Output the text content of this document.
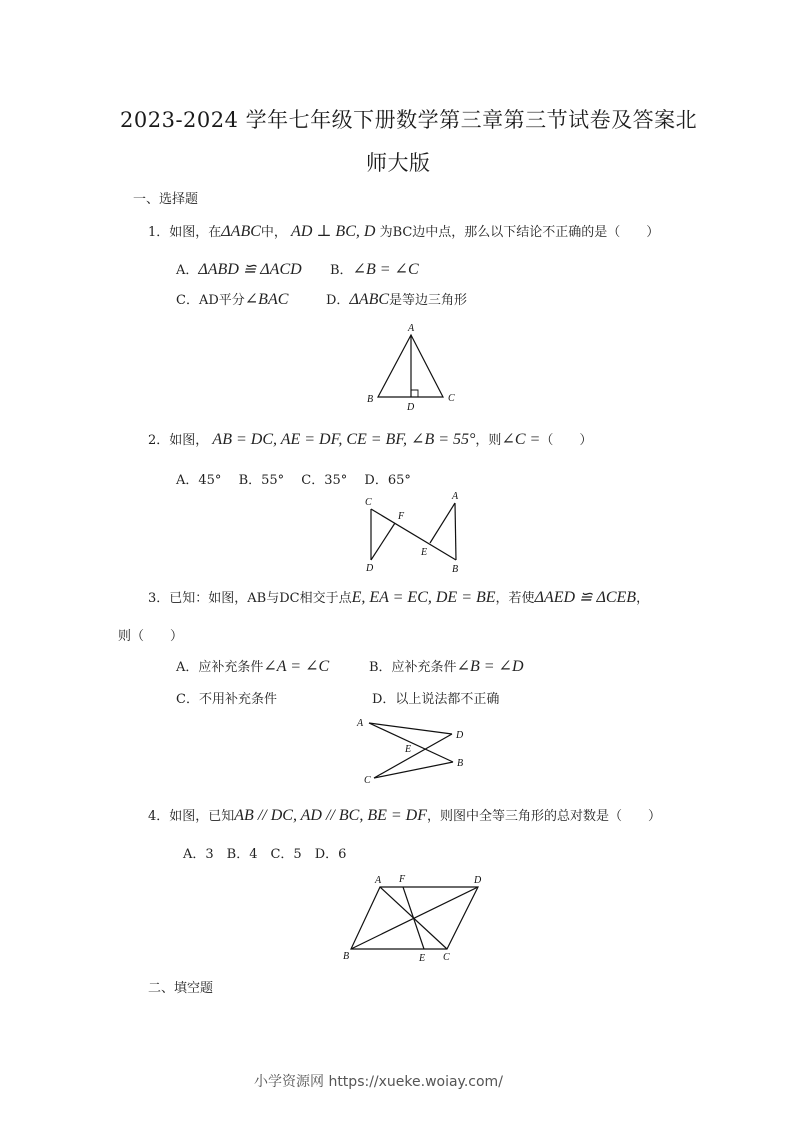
2023-2024 学年七年级下册数学第三章第三节试卷及答案北
师大版
一、选择题
1．如图，在ΔABC中， AD ⊥ BC, D 为BC边中点，那么以下结论不正确的是（　　）
A．ΔABD ≌ ΔACD B．∠B = ∠C
C．AD平分∠BAC	D．ΔABC是等边三角形
A
B
D
C
2．如图， AB = DC, AE = DF, CE = BF, ∠B = 55°，则∠C =（　　）
A．45°　 B．55°　 C．35°　 D．65°
C
F
A
E
D	B
3．已知：如图，AB与DC相交于点E, EA = EC, DE = BE，若使ΔAED ≌ ΔCEB，
则（　　）
A．应补充条件∠A = ∠C	B．应补充条件∠B = ∠D
C．不用补充条件	D．以上说法都不正确
A
D
E
B
C
4．如图，已知AB // DC, AD // BC, BE = DF，则图中全等三角形的总对数是（　　）
A．3　B．4　C．5　D．6
A F	D
B	E C
二、填空题
小学资源网 https://xueke.woiay.com/
